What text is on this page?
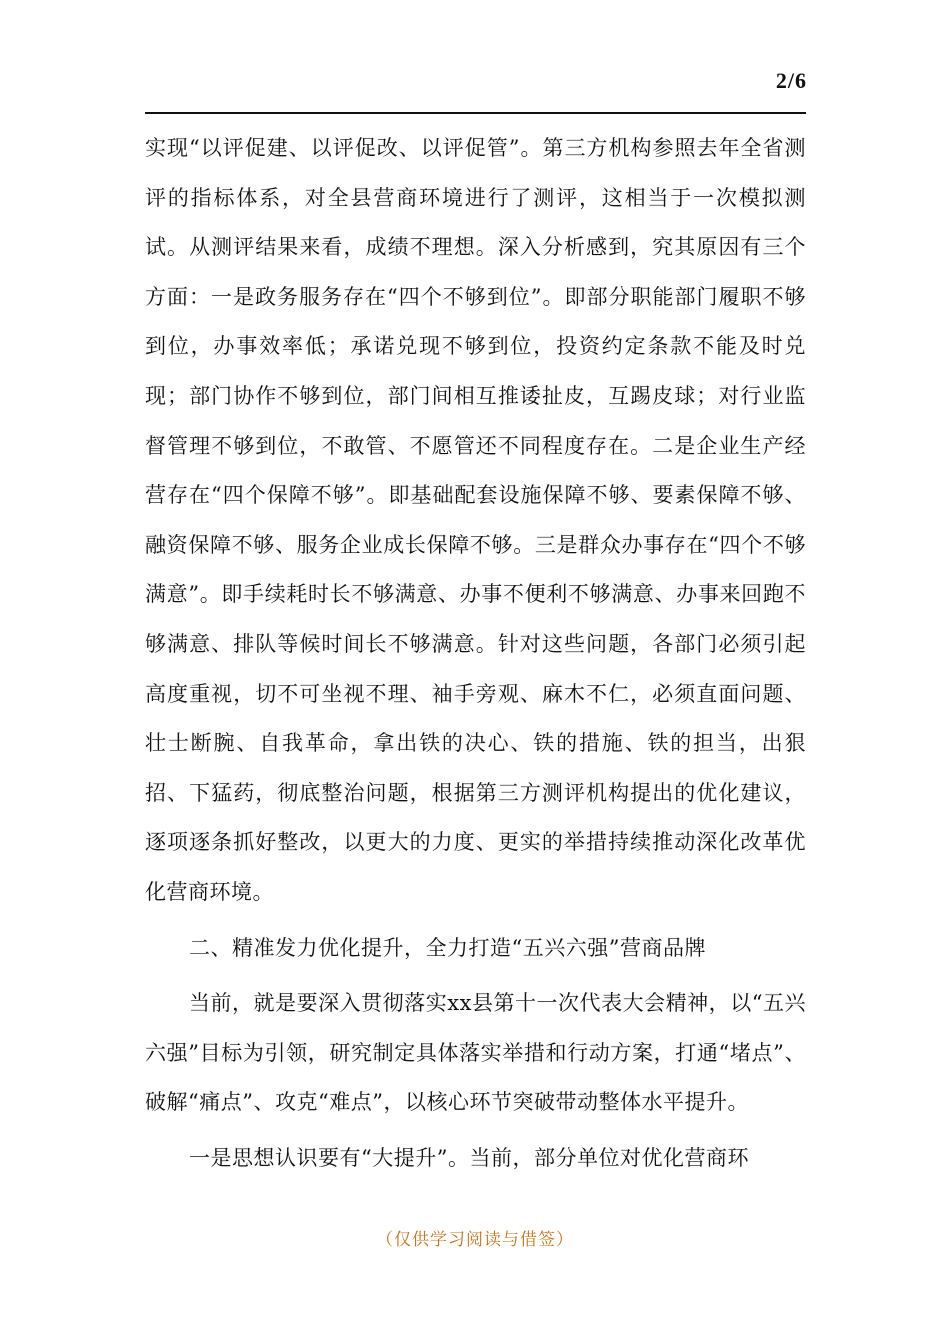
2/6

实现“以评促建、以评促改、以评促管”。第三方机构参照去年全省测评的指标体系，对全县营商环境进行了测评，这相当于一次模拟测试。从测评结果来看，成绩不理想。深入分析感到，究其原因有三个方面：一是政务服务存在“四个不够到位”。即部分职能部门履职不够到位，办事效率低；承诺兑现不够到位，投资约定条款不能及时兑现；部门协作不够到位，部门间相互推诿扯皮，互踢皮球；对行业监督管理不够到位，不敢管、不愿管还不同程度存在。二是企业生产经营存在“四个保障不够”。即基础配套设施保障不够、要素保障不够、融资保障不够、服务企业成长保障不够。三是群众办事存在“四个不够满意”。即手续耗时长不够满意、办事不便利不够满意、办事来回跑不够满意、排队等候时间长不够满意。针对这些问题，各部门必须引起高度重视，切不可坐视不理、袖手旁观、麻木不仁，必须直面问题、壮士断腕、自我革命，拿出铁的决心、铁的措施、铁的担当，出狠招、下猛药，彻底整治问题，根据第三方测评机构提出的优化建议，逐项逐条抓好整改，以更大的力度、更实的举措持续推动深化改革优化营商环境。

二、精准发力优化提升，全力打造“五兴六强”营商品牌

当前，就是要深入贯彻落实xx县第十一次代表大会精神，以“五兴六强”目标为引领，研究制定具体落实举措和行动方案，打通“堵点”、破解“痛点”、攻克“难点”，以核心环节突破带动整体水平提升。

一是思想认识要有“大提升”。当前，部分单位对优化营商环

（仅供学习阅读与借签）
